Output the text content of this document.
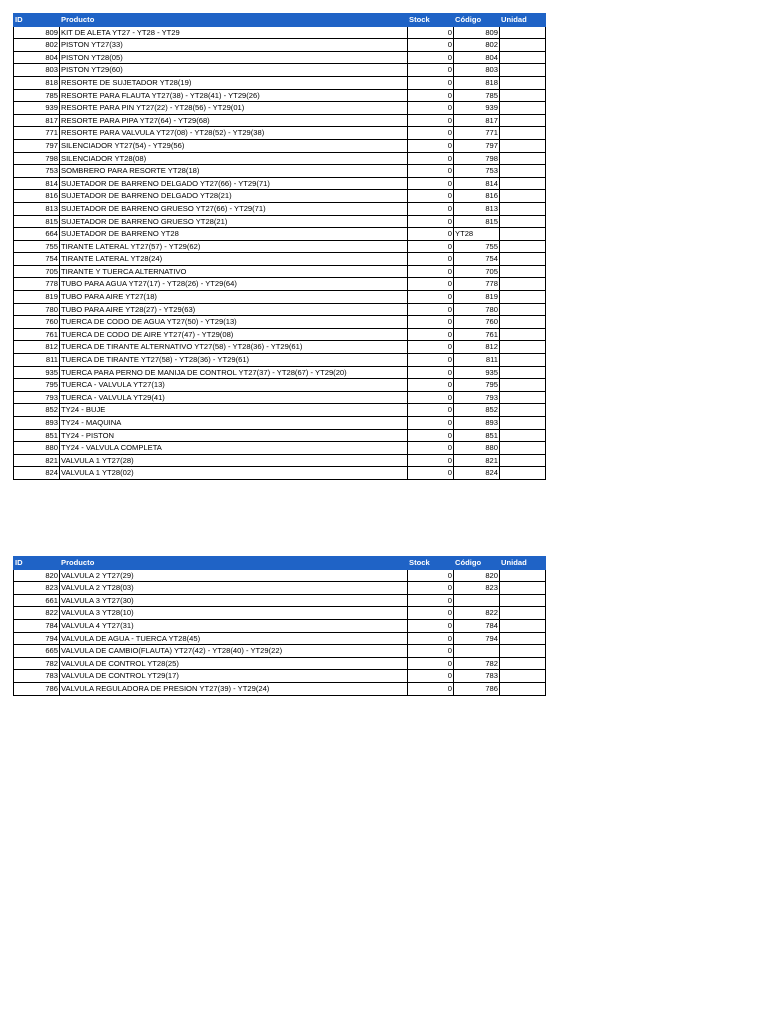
ID	Producto	Stock	Código	Unidad
809	KIT DE ALETA YT27 - YT28 - YT29	0	809	
802	PISTON YT27(33)	0	802	
804	PISTON YT28(05)	0	804	
803	PISTON YT29(60)	0	803	
818	RESORTE DE SUJETADOR YT28(19)	0	818	
785	RESORTE PARA FLAUTA YT27(38) - YT28(41) - YT29(26)	0	785	
939	RESORTE PARA PIN YT27(22) - YT28(56) - YT29(01)	0	939	
817	RESORTE PARA PIPA YT27(64) - YT29(68)	0	817	
771	RESORTE PARA VALVULA YT27(08) - YT28(52) - YT29(38)	0	771	
797	SILENCIADOR YT27(54) - YT29(56)	0	797	
798	SILENCIADOR YT28(08)	0	798	
753	SOMBRERO PARA RESORTE YT28(18)	0	753	
814	SUJETADOR DE BARRENO DELGADO YT27(66) - YT29(71)	0	814	
816	SUJETADOR DE BARRENO DELGADO YT28(21)	0	816	
813	SUJETADOR DE BARRENO GRUESO YT27(66) - YT29(71)	0	813	
815	SUJETADOR DE BARRENO GRUESO YT28(21)	0	815	
664	SUJETADOR DE BARRENO YT28	0	YT28	
755	TIRANTE LATERAL YT27(57) - YT29(62)	0	755	
754	TIRANTE LATERAL YT28(24)	0	754	
705	TIRANTE Y TUERCA ALTERNATIVO	0	705	
778	TUBO PARA AGUA YT27(17) - YT28(26) - YT29(64)	0	778	
819	TUBO PARA AIRE YT27(18)	0	819	
780	TUBO PARA AIRE YT28(27) - YT29(63)	0	780	
760	TUERCA DE CODO DE AGUA YT27(50) - YT29(13)	0	760	
761	TUERCA DE CODO DE AIRE YT27(47) - YT29(08)	0	761	
812	TUERCA DE TIRANTE ALTERNATIVO YT27(58) - YT28(36) - YT29(61)	0	812	
811	TUERCA DE TIRANTE YT27(58) - YT28(36) - YT29(61)	0	811	
935	TUERCA PARA PERNO DE MANIJA DE CONTROL YT27(37) - YT28(67) - YT29(20)	0	935	
795	TUERCA - VALVULA YT27(13)	0	795	
793	TUERCA - VALVULA YT29(41)	0	793	
852	TY24 - BUJE	0	852	
893	TY24 - MAQUINA	0	893	
851	TY24 - PISTON	0	851	
880	TY24 - VALVULA COMPLETA	0	880	
821	VALVULA 1 YT27(28)	0	821	
824	VALVULA 1 YT28(02)	0	824	
ID	Producto	Stock	Código	Unidad
820	VALVULA 2 YT27(29)	0	820	
823	VALVULA 2 YT28(03)	0	823	
661	VALVULA 3 YT27(30)	0		
822	VALVULA 3 YT28(10)	0	822	
784	VALVULA 4 YT27(31)	0	784	
794	VALVULA DE AGUA - TUERCA YT28(45)	0	794	
665	VALVULA DE CAMBIO(FLAUTA) YT27(42) - YT28(40) - YT29(22)	0		
782	VALVULA DE CONTROL YT28(25)	0	782	
783	VALVULA DE CONTROL YT29(17)	0	783	
786	VALVULA REGULADORA DE PRESION YT27(39) - YT29(24)	0	786	
